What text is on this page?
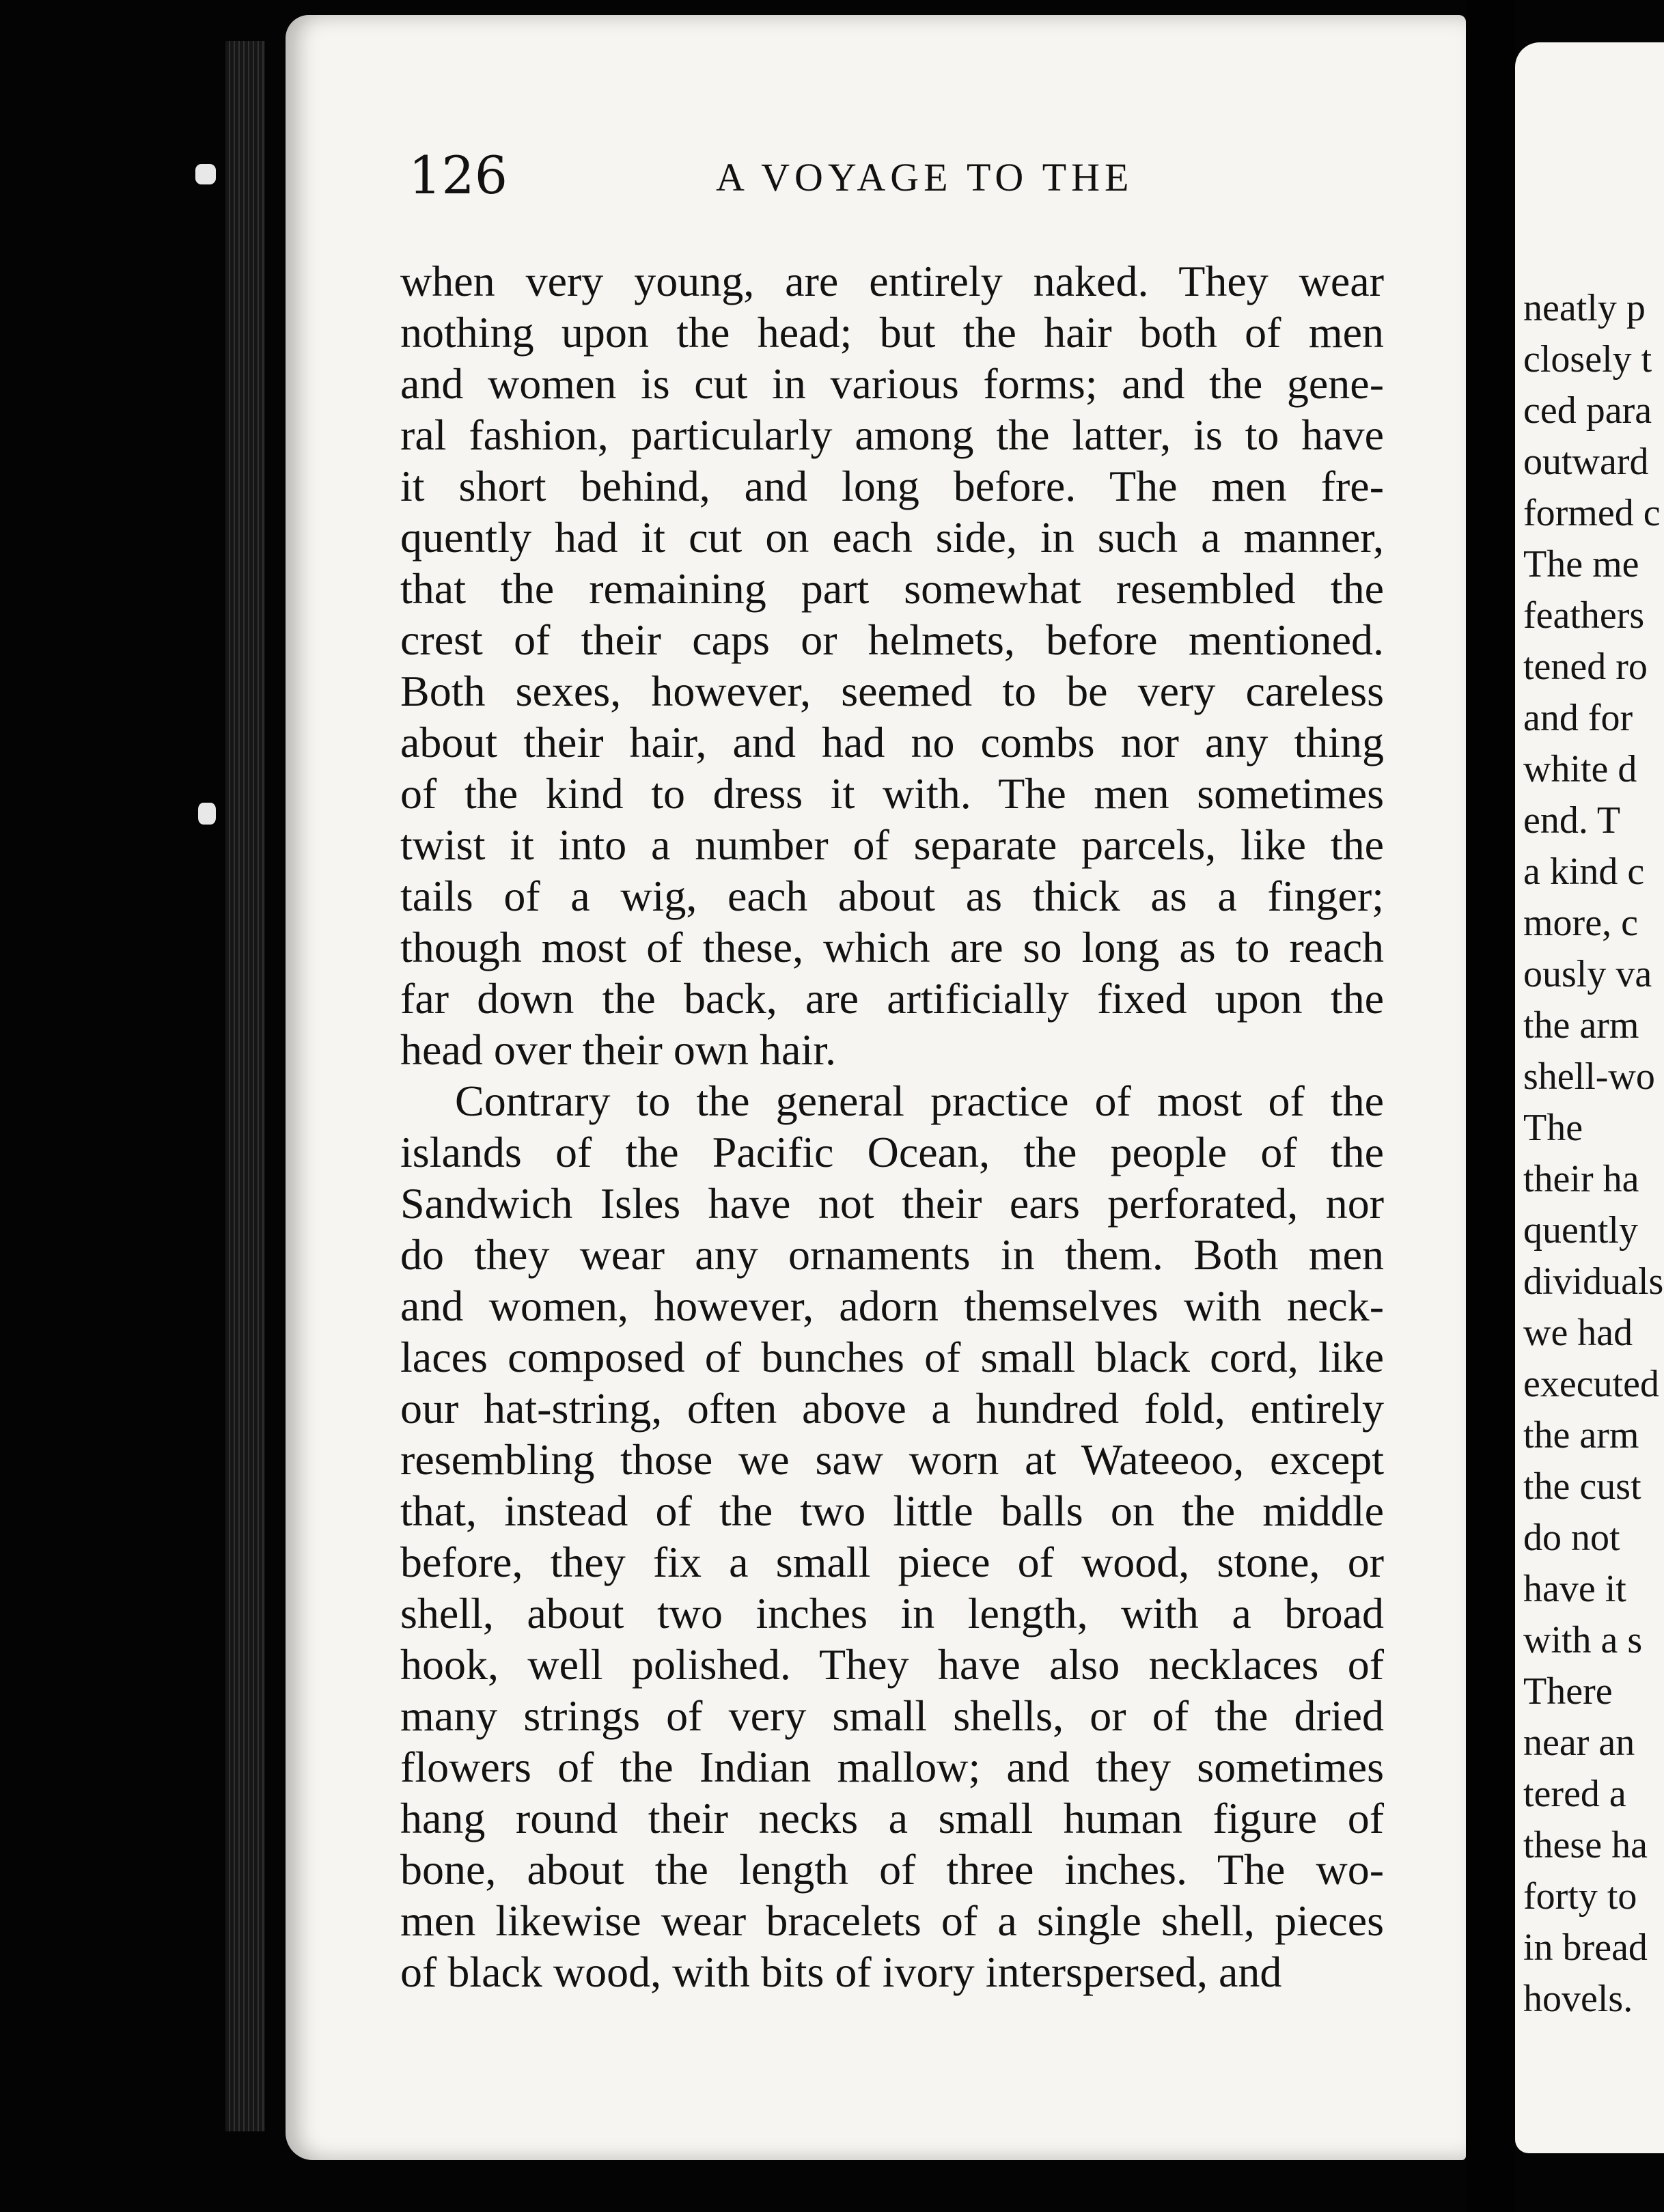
126	A VOYAGE TO THE
when very young, are entirely naked. They wear
nothing upon the head; but the hair both of men
and women is cut in various forms; and the gene-
ral fashion, particularly among the latter, is to have
it short behind, and long before. The men fre-
quently had it cut on each side, in such a manner,
that the remaining part somewhat resembled the
crest of their caps or helmets, before mentioned.
Both sexes, however, seemed to be very careless
about their hair, and had no combs nor any thing
of the kind to dress it with. The men sometimes
twist it into a number of separate parcels, like the
tails of a wig, each about as thick as a finger;
though most of these, which are so long as to reach
far down the back, are artificially fixed upon the
head over their own hair.
Contrary to the general practice of most of the
islands of the Pacific Ocean, the people of the
Sandwich Isles have not their ears perforated, nor
do they wear any ornaments in them. Both men
and women, however, adorn themselves with neck-
laces composed of bunches of small black cord, like
our hat-string, often above a hundred fold, entirely
resembling those we saw worn at Wateeoo, except
that, instead of the two little balls on the middle
before, they fix a small piece of wood, stone, or
shell, about two inches in length, with a broad
hook, well polished. They have also necklaces of
many strings of very small shells, or of the dried
flowers of the Indian mallow; and they sometimes
hang round their necks a small human figure of
bone, about the length of three inches. The wo-
men likewise wear bracelets of a single shell, pieces
of black wood, with bits of ivory interspersed, and
neatly p
closely t
ced para
outward
formed c
The me
feathers
tened ro
and for
white d
end. T
a kind c
more, c
ously va
the arm
shell-wo
The
their ha
quently
dividuals
we had
executed
the arm
the cust
do not
have it
with a s
There
near an
tered a
these ha
forty to
in bread
hovels.
